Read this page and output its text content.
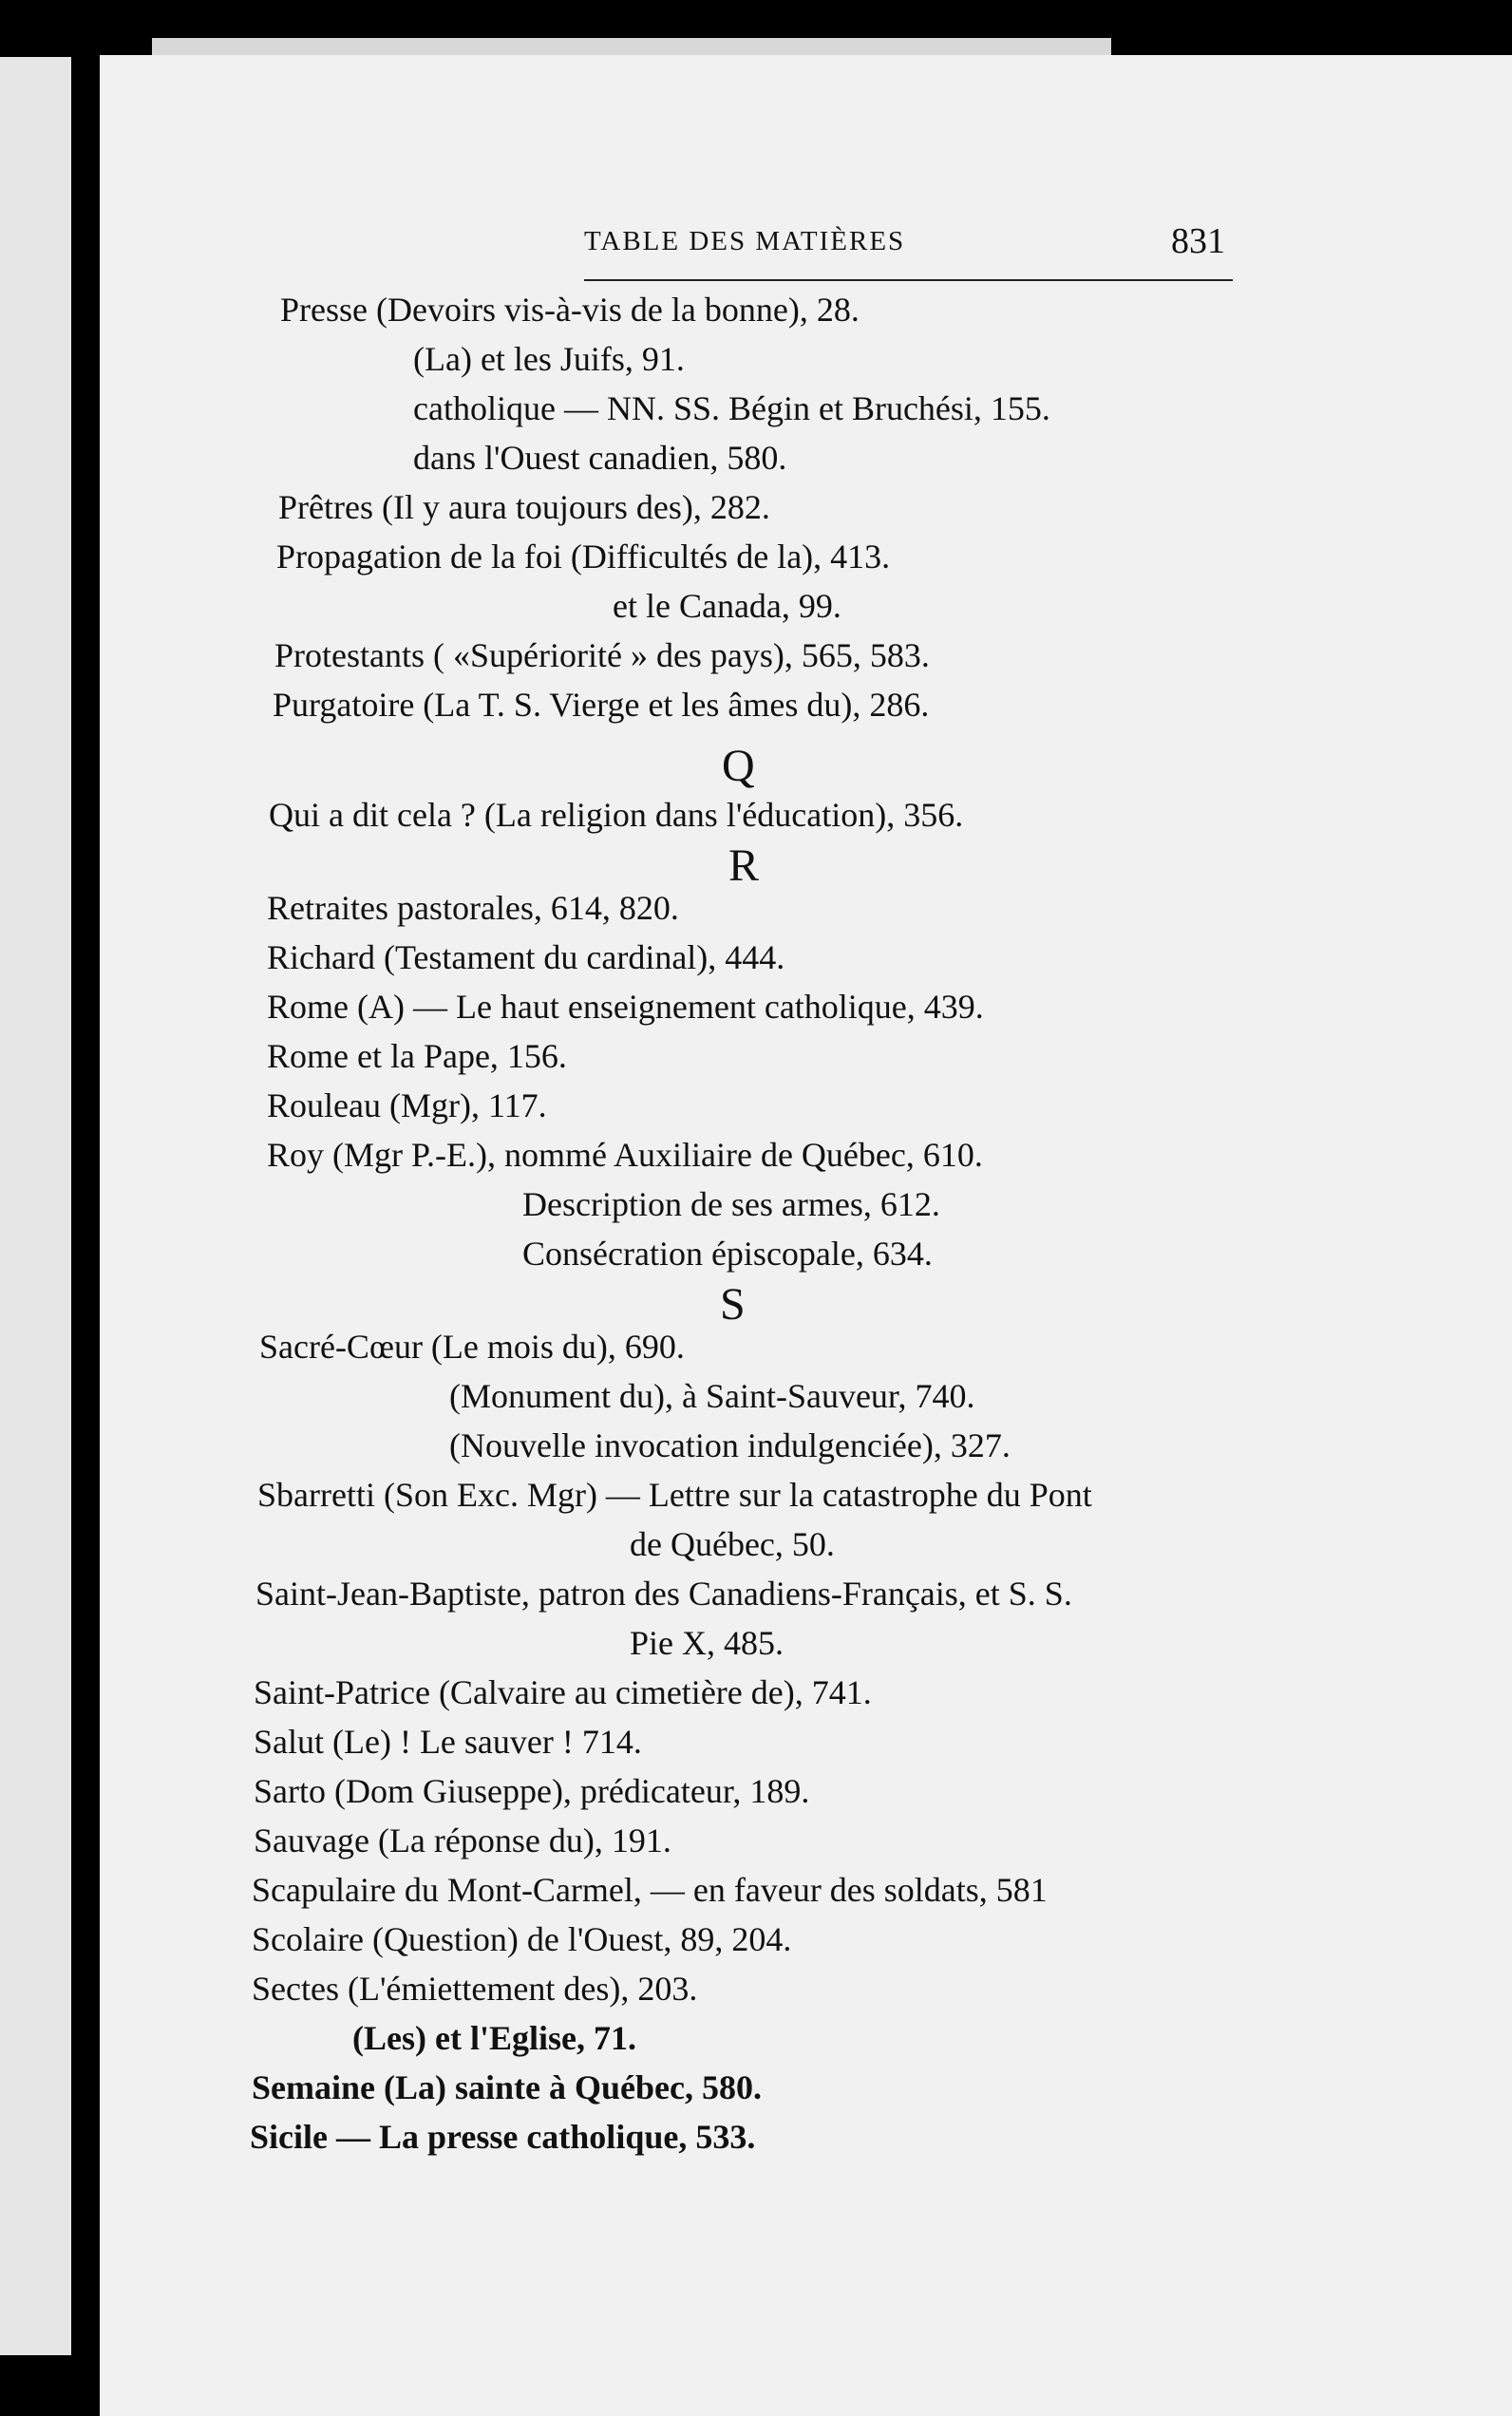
TABLE DES MATIÈRES	831
Presse (Devoirs vis-à-vis de la bonne), 28.
(La) et les Juifs, 91.
catholique — NN. SS. Bégin et Bruchési, 155.
dans l'Ouest canadien, 580.
Prêtres (Il y aura toujours des), 282.
Propagation de la foi (Difficultés de la), 413.
et le Canada, 99.
Protestants ( «Supériorité » des pays), 565, 583.
Purgatoire (La T. S. Vierge et les âmes du), 286.
Q
Qui a dit cela ? (La religion dans l'éducation), 356.
R
Retraites pastorales, 614, 820.
Richard (Testament du cardinal), 444.
Rome (A) — Le haut enseignement catholique, 439.
Rome et la Pape, 156.
Rouleau (Mgr), 117.
Roy (Mgr P.-E.), nommé Auxiliaire de Québec, 610.
Description de ses armes, 612.
Consécration épiscopale, 634.
S
Sacré-Cœur (Le mois du), 690.
(Monument du), à Saint-Sauveur, 740.
(Nouvelle invocation indulgenciée), 327.
Sbarretti (Son Exc. Mgr) — Lettre sur la catastrophe du Pont
de Québec, 50.
Saint-Jean-Baptiste, patron des Canadiens-Français, et S. S.
Pie X, 485.
Saint-Patrice (Calvaire au cimetière de), 741.
Salut (Le) ! Le sauver ! 714.
Sarto (Dom Giuseppe), prédicateur, 189.
Sauvage (La réponse du), 191.
Scapulaire du Mont-Carmel, — en faveur des soldats, 581
Scolaire (Question) de l'Ouest, 89, 204.
Sectes (L'émiettement des), 203.
(Les) et l'Eglise, 71.
Semaine (La) sainte à Québec, 580.
Sicile — La presse catholique, 533.
